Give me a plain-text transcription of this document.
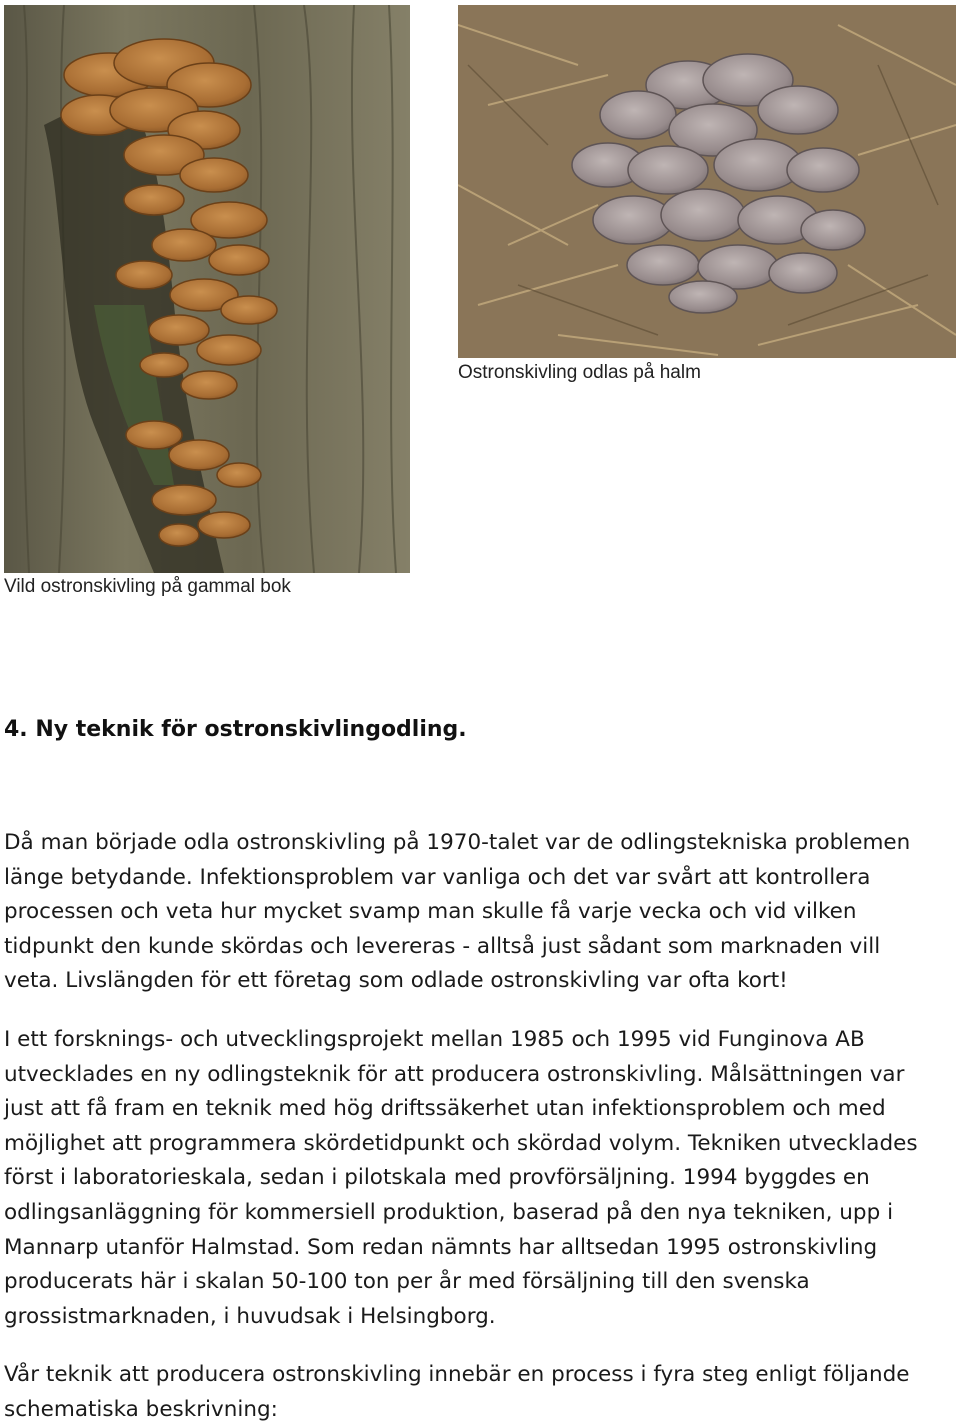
Ostronskivling odlas på halm
Vild ostronskivling på gammal bok
4. Ny teknik för ostronskivlingodling.

Då man började odla ostronskivling på 1970-talet var de odlingstekniska problemen
länge betydande. Infektionsproblem var vanliga och det var svårt att kontrollera
processen och veta hur mycket svamp man skulle få varje vecka och vid vilken
tidpunkt den kunde skördas och levereras - alltså just sådant som marknaden vill
veta. Livslängden för ett företag som odlade ostronskivling var ofta kort!

I ett forsknings- och utvecklingsprojekt mellan 1985 och 1995 vid Funginova AB
utvecklades en ny odlingsteknik för att producera ostronskivling. Målsättningen var
just att få fram en teknik med hög driftssäkerhet utan infektionsproblem och med
möjlighet att programmera skördetidpunkt och skördad volym. Tekniken utvecklades
först i laboratorieskala, sedan i pilotskala med provförsäljning. 1994 byggdes en
odlingsanläggning för kommersiell produktion, baserad på den nya tekniken, upp i
Mannarp utanför Halmstad. Som redan nämnts har alltsedan 1995 ostronskivling
producerats här i skalan 50-100 ton per år med försäljning till den svenska
grossistmarknaden, i huvudsak i Helsingborg.

Vår teknik att producera ostronskivling innebär en process i fyra steg enligt följande
schematiska beskrivning:
